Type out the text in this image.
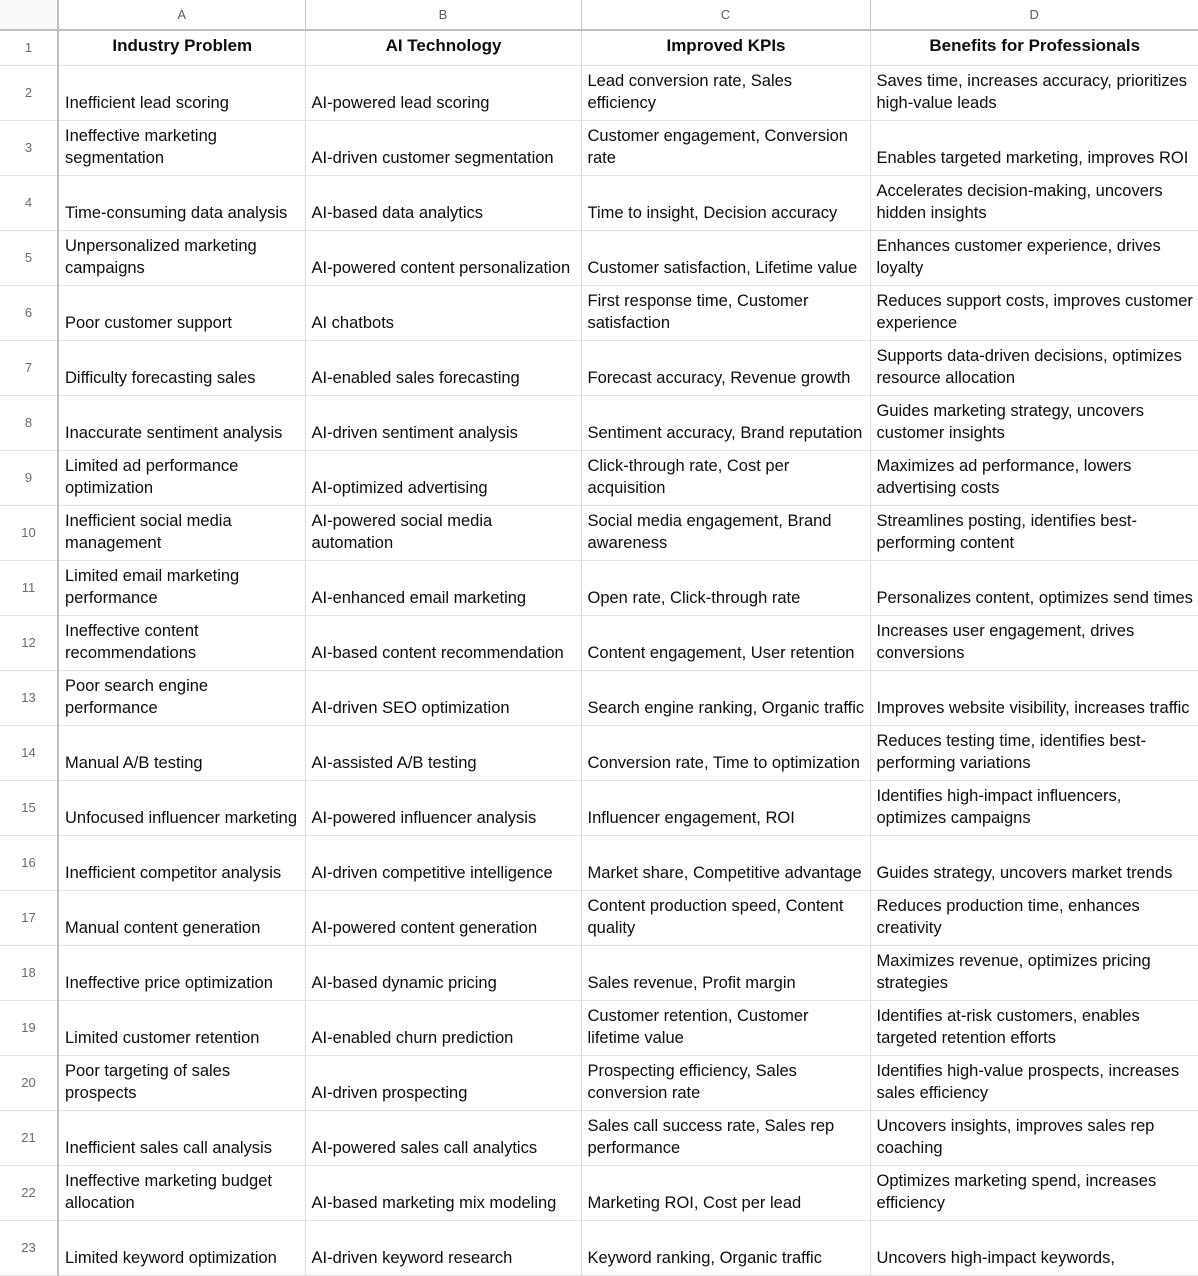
	A	B	C	D
1	Industry Problem	AI Technology	Improved KPIs	Benefits for Professionals
2	Inefficient lead scoring	AI-powered lead scoring	Lead conversion rate, Sales efficiency	Saves time, increases accuracy, prioritizes high-value leads
3	Ineffective marketing segmentation	AI-driven customer segmentation	Customer engagement, Conversion rate	Enables targeted marketing, improves ROI
4	Time-consuming data analysis	AI-based data analytics	Time to insight, Decision accuracy	Accelerates decision-making, uncovers hidden insights
5	Unpersonalized marketing campaigns	AI-powered content personalization	Customer satisfaction, Lifetime value	Enhances customer experience, drives loyalty
6	Poor customer support	AI chatbots	First response time, Customer satisfaction	Reduces support costs, improves customer experience
7	Difficulty forecasting sales	AI-enabled sales forecasting	Forecast accuracy, Revenue growth	Supports data-driven decisions, optimizes resource allocation
8	Inaccurate sentiment analysis	AI-driven sentiment analysis	Sentiment accuracy, Brand reputation	Guides marketing strategy, uncovers customer insights
9	Limited ad performance optimization	AI-optimized advertising	Click-through rate, Cost per acquisition	Maximizes ad performance, lowers advertising costs
10	Inefficient social media management	AI-powered social media automation	Social media engagement, Brand awareness	Streamlines posting, identifies best-performing content
11	Limited email marketing performance	AI-enhanced email marketing	Open rate, Click-through rate	Personalizes content, optimizes send times
12	Ineffective content recommendations	AI-based content recommendation	Content engagement, User retention	Increases user engagement, drives conversions
13	Poor search engine performance	AI-driven SEO optimization	Search engine ranking, Organic traffic	Improves website visibility, increases traffic
14	Manual A/B testing	AI-assisted A/B testing	Conversion rate, Time to optimization	Reduces testing time, identifies best-performing variations
15	Unfocused influencer marketing	AI-powered influencer analysis	Influencer engagement, ROI	Identifies high-impact influencers, optimizes campaigns
16	Inefficient competitor analysis	AI-driven competitive intelligence	Market share, Competitive advantage	Guides strategy, uncovers market trends
17	Manual content generation	AI-powered content generation	Content production speed, Content quality	Reduces production time, enhances creativity
18	Ineffective price optimization	AI-based dynamic pricing	Sales revenue, Profit margin	Maximizes revenue, optimizes pricing strategies
19	Limited customer retention	AI-enabled churn prediction	Customer retention, Customer lifetime value	Identifies at-risk customers, enables targeted retention efforts
20	Poor targeting of sales prospects	AI-driven prospecting	Prospecting efficiency, Sales conversion rate	Identifies high-value prospects, increases sales efficiency
21	Inefficient sales call analysis	AI-powered sales call analytics	Sales call success rate, Sales rep performance	Uncovers insights, improves sales rep coaching
22	Ineffective marketing budget allocation	AI-based marketing mix modeling	Marketing ROI, Cost per lead	Optimizes marketing spend, increases efficiency
23	Limited keyword optimization	AI-driven keyword research	Keyword ranking, Organic traffic	Uncovers high-impact keywords,
